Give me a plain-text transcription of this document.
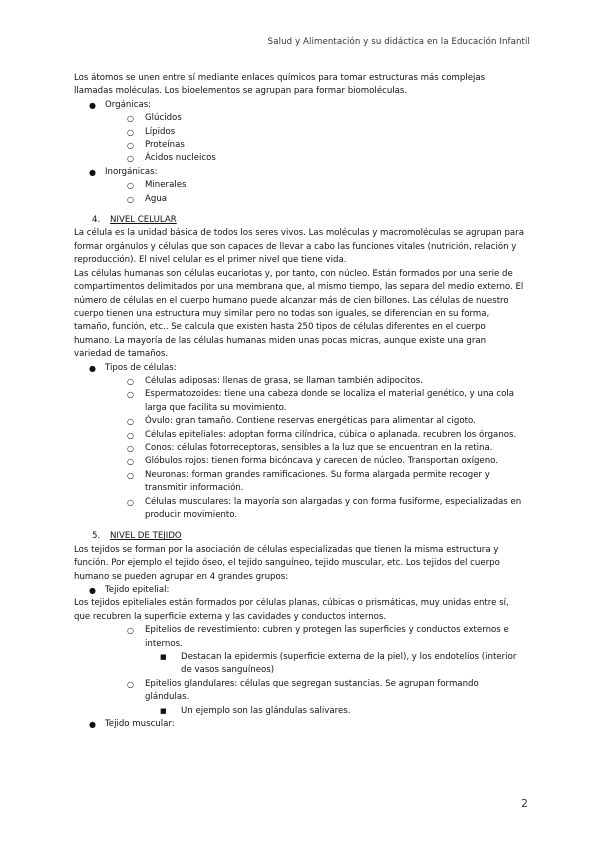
Salud y Alimentación y su didáctica en la Educación Infantil

Los átomos se unen entre sí mediante enlaces químicos para tomar estructuras más complejas llamadas moléculas. Los bioelementos se agrupan para formar biomoléculas.

● Orgánicas:
○ Glúcidos
○ Lípidos
○ Proteínas
○ Ácidos nucleicos
● Inorgánicas:
○ Minerales
○ Agua
4. NIVEL CELULAR

La célula es la unidad básica de todos los seres vivos. Las moléculas y macromoléculas se agrupan para formar orgánulos y células que son capaces de llevar a cabo las funciones vitales (nutrición, relación y reproducción). El nivel celular es el primer nivel que tiene vida.

Las células humanas son células eucariotas y, por tanto, con núcleo. Están formados por una serie de compartimentos delimitados por una membrana que, al mismo tiempo, las separa del medio externo. El número de células en el cuerpo humano puede alcanzar más de cien billones. Las células de nuestro cuerpo tienen una estructura muy similar pero no todas son iguales, se diferencian en su forma, tamaño, función, etc.. Se calcula que existen hasta 250 tipos de células diferentes en el cuerpo humano. La mayoría de las células humanas miden unas pocas micras, aunque existe una gran variedad de tamaños.

● Tipos de células:
○ Células adiposas: llenas de grasa, se llaman también adipocitos.
○ Espermatozoides: tiene una cabeza donde se localiza el material genético, y una cola larga que facilita su movimiento.
○ Óvulo: gran tamaño. Contiene reservas energéticas para alimentar al cigoto.
○ Células epiteliales: adoptan forma cilíndrica, cúbica o aplanada. recubren los órganos.
○ Conos: células fotorreceptoras, sensibles a la luz que se encuentran en la retina.
○ Glóbulos rojos: tienen forma bicóncava y carecen de núcleo. Transportan oxígeno.
○ Neuronas: forman grandes ramificaciones. Su forma alargada permite recoger y transmitir información.
○ Células musculares: la mayoría son alargadas y con forma fusiforme, especializadas en producir movimiento.
5. NIVEL DE TEJIDO

Los tejidos se forman por la asociación de células especializadas que tienen la misma estructura y función. Por ejemplo el tejido óseo, el tejido sanguíneo, tejido muscular, etc. Los tejidos del cuerpo humano se pueden agrupar en 4 grandes grupos:

● Tejido epitelial:

Los tejidos epiteliales están formados por células planas, cúbicas o prismáticas, muy unidas entre sí, que recubren la superficie externa y las cavidades y conductos internos.

○ Epitelios de revestimiento: cubren y protegen las superficies y conductos externos e internos.
■ Destacan la epidermis (superficie externa de la piel), y los endotelios (interior de vasos sanguíneos)
○ Epitelios glandulares: células que segregan sustancias. Se agrupan formando glándulas.
■ Un ejemplo son las glándulas salivares.
● Tejido muscular:
2
